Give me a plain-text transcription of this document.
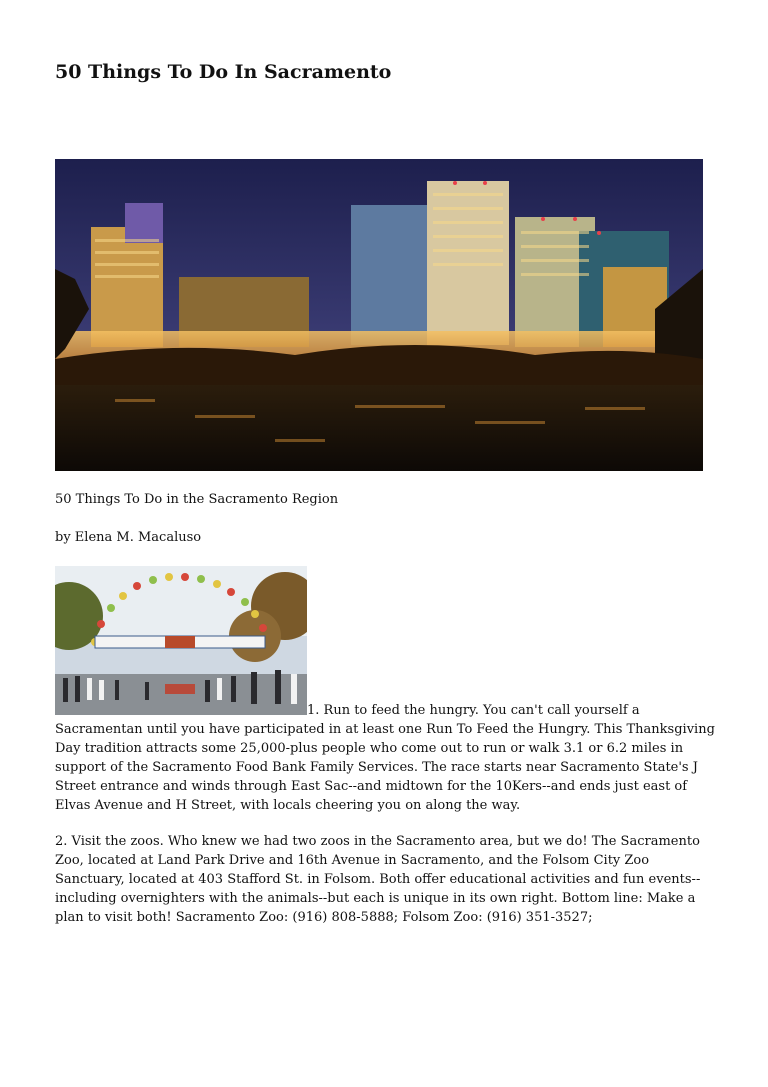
50 Things To Do In Sacramento

50 Things To Do in the Sacramento Region

by Elena M. Macaluso

1. Run to feed the hungry. You can't call yourself a Sacramentan until you have participated in at least one Run To Feed the Hungry. This Thanksgiving Day tradition attracts some 25,000-plus people who come out to run or walk 3.1 or 6.2 miles in support of the Sacramento Food Bank Family Services. The race starts near Sacramento State's J Street entrance and winds through East Sac--and midtown for the 10Kers--and ends just east of Elvas Avenue and H Street, with locals cheering you on along the way.

2. Visit the zoos. Who knew we had two zoos in the Sacramento area, but we do! The Sacramento Zoo, located at Land Park Drive and 16th Avenue in Sacramento, and the Folsom City Zoo Sanctuary, located at 403 Stafford St. in Folsom. Both offer educational activities and fun events--including overnighters with the animals--but each is unique in its own right. Bottom line: Make a plan to visit both! Sacramento Zoo: (916) 808-5888; Folsom Zoo: (916) 351-3527;
